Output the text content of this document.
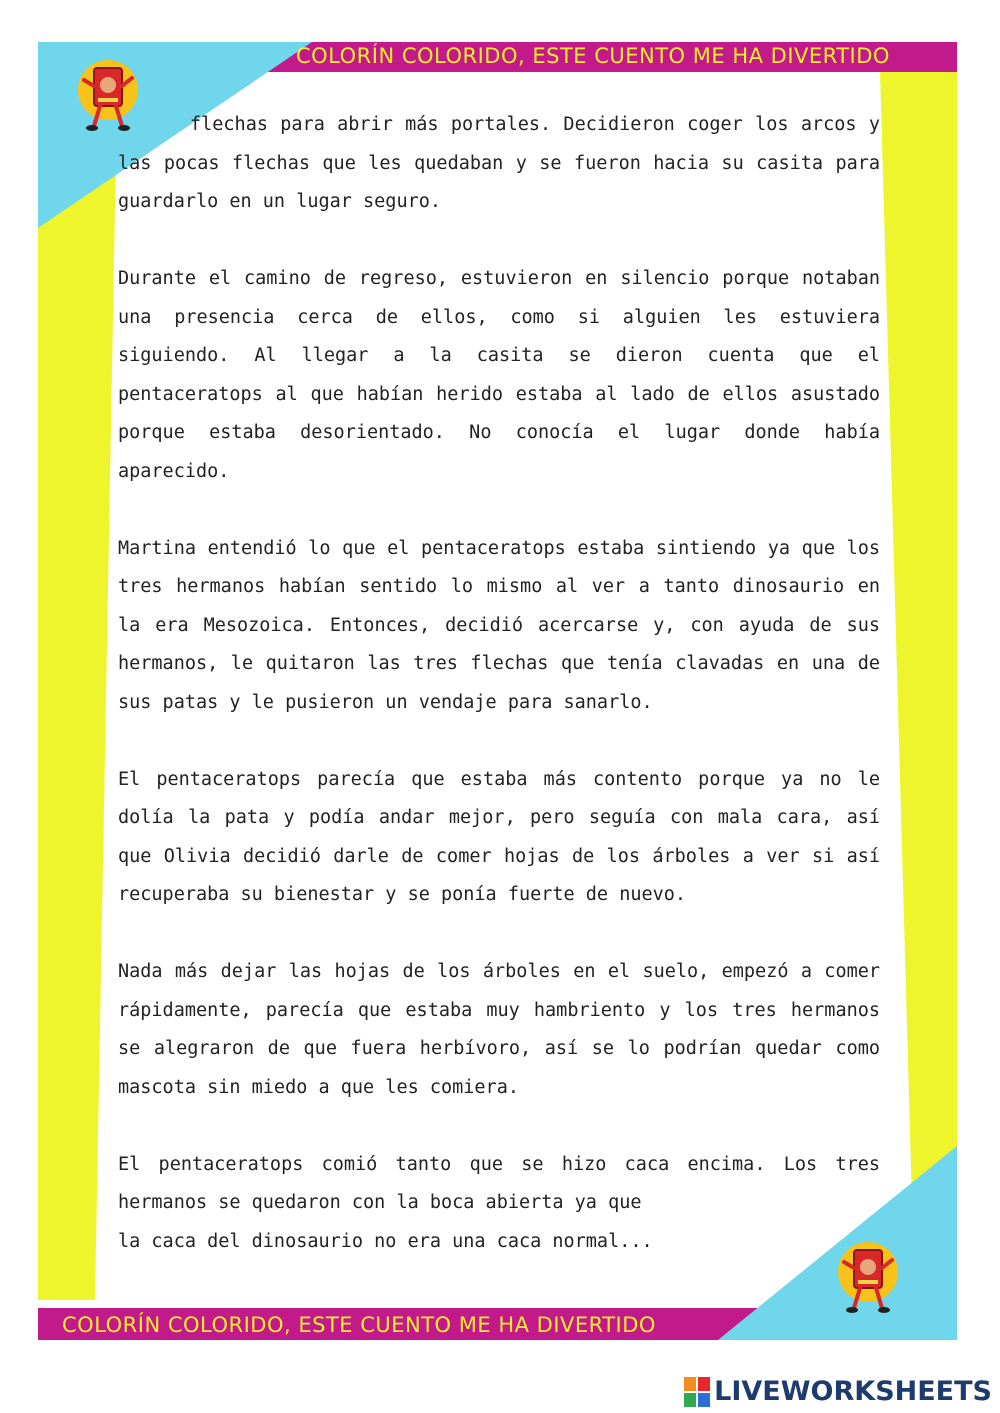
COLORÍN COLORIDO, ESTE CUENTO ME HA DIVERTIDO
COLORÍN COLORIDO, ESTE CUENTO ME HA DIVERTIDO

flechas para abrir más portales. Decidieron coger los arcos y las pocas flechas que les quedaban y se fueron hacia su casita para guardarlo en un lugar seguro.

Durante el camino de regreso, estuvieron en silencio porque notaban una presencia cerca de ellos, como si alguien les estuviera siguiendo. Al llegar a la casita se dieron cuenta que el pentaceratops al que habían herido estaba al lado de ellos asustado porque estaba desorientado. No conocía el lugar donde había aparecido.

Martina entendió lo que el pentaceratops estaba sintiendo ya que los tres hermanos habían sentido lo mismo al ver a tanto dinosaurio en la era Mesozoica. Entonces, decidió acercarse y, con ayuda de sus hermanos, le quitaron las tres flechas que tenía clavadas en una de sus patas y le pusieron un vendaje para sanarlo.

El pentaceratops parecía que estaba más contento porque ya no le dolía la pata y podía andar mejor, pero seguía con mala cara, así que Olivia decidió darle de comer hojas de los árboles a ver si así recuperaba su bienestar y se ponía fuerte de nuevo.

Nada más dejar las hojas de los árboles en el suelo, empezó a comer rápidamente, parecía que estaba muy hambriento y los tres hermanos se alegraron de que fuera herbívoro, así se lo podrían quedar como mascota sin miedo a que les comiera.

El pentaceratops comió tanto que se hizo caca encima. Los tres
hermanos se quedaron con la boca abierta ya que
la caca del dinosaurio no era una caca normal...

LIVEWORKSHEETS
